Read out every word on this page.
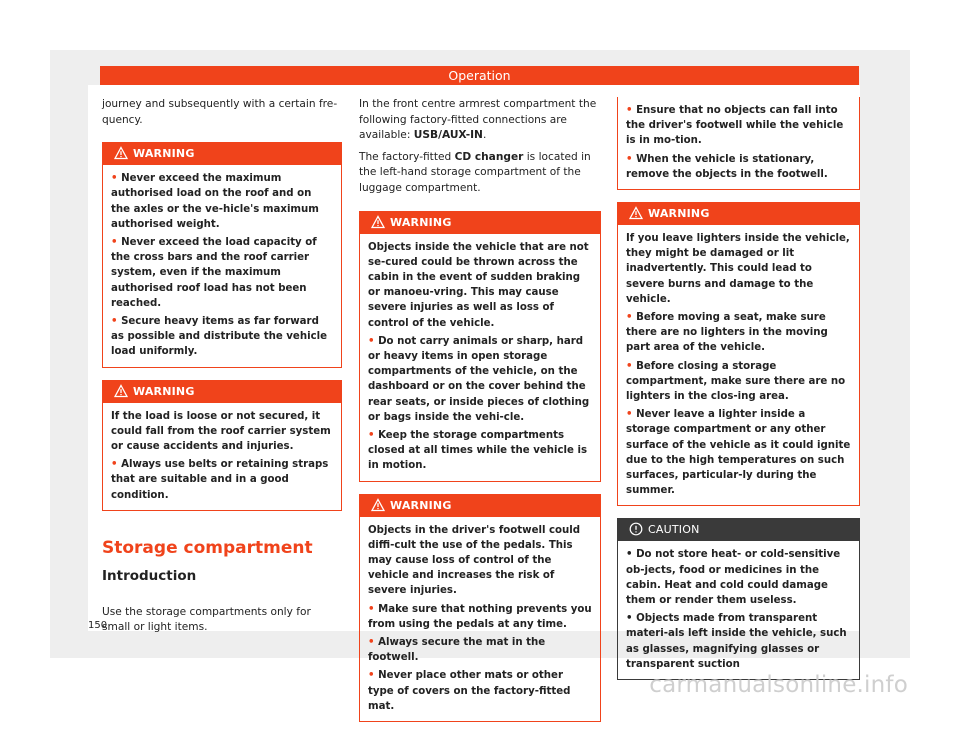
Operation

journey and subsequently with a certain fre-quency.

WARNING
• Never exceed the maximum authorised load on the roof and on the axles or the ve-hicle's maximum authorised weight.
• Never exceed the load capacity of the cross bars and the roof carrier system, even if the maximum authorised roof load has not been reached.
• Secure heavy items as far forward as possible and distribute the vehicle load uniformly.
WARNING
If the load is loose or not secured, it could fall from the roof carrier system or cause accidents and injuries.
• Always use belts or retaining straps that are suitable and in a good condition.
Storage compartment
Introduction

Use the storage compartments only for small or light items.

In the front centre armrest compartment the following factory-fitted connections are available: USB/AUX-IN.

The factory-fitted CD changer is located in the left-hand storage compartment of the luggage compartment.

WARNING
Objects inside the vehicle that are not se-cured could be thrown across the cabin in the event of sudden braking or manoeu-vring. This may cause severe injuries as well as loss of control of the vehicle.
• Do not carry animals or sharp, hard or heavy items in open storage compartments of the vehicle, on the dashboard or on the cover behind the rear seats, or inside pieces of clothing or bags inside the vehi-cle.
• Keep the storage compartments closed at all times while the vehicle is in motion.
WARNING
Objects in the driver's footwell could diffi-cult the use of the pedals. This may cause loss of control of the vehicle and increases the risk of severe injuries.
• Make sure that nothing prevents you from using the pedals at any time.
• Always secure the mat in the footwell.
• Never place other mats or other type of covers on the factory-fitted mat.
• Ensure that no objects can fall into the driver's footwell while the vehicle is in mo-tion.
• When the vehicle is stationary, remove the objects in the footwell.
WARNING
If you leave lighters inside the vehicle, they might be damaged or lit inadvertently. This could lead to severe burns and damage to the vehicle.
• Before moving a seat, make sure there are no lighters in the moving part area of the vehicle.
• Before closing a storage compartment, make sure there are no lighters in the clos-ing area.
• Never leave a lighter inside a storage compartment or any other surface of the vehicle as it could ignite due to the high temperatures on such surfaces, particular-ly during the summer.
CAUTION
• Do not store heat- or cold-sensitive ob-jects, food or medicines in the cabin. Heat and cold could damage them or render them useless.
• Objects made from transparent materi-als left inside the vehicle, such as glasses, magnifying glasses or transparent suction
150
carmanualsonline.info
